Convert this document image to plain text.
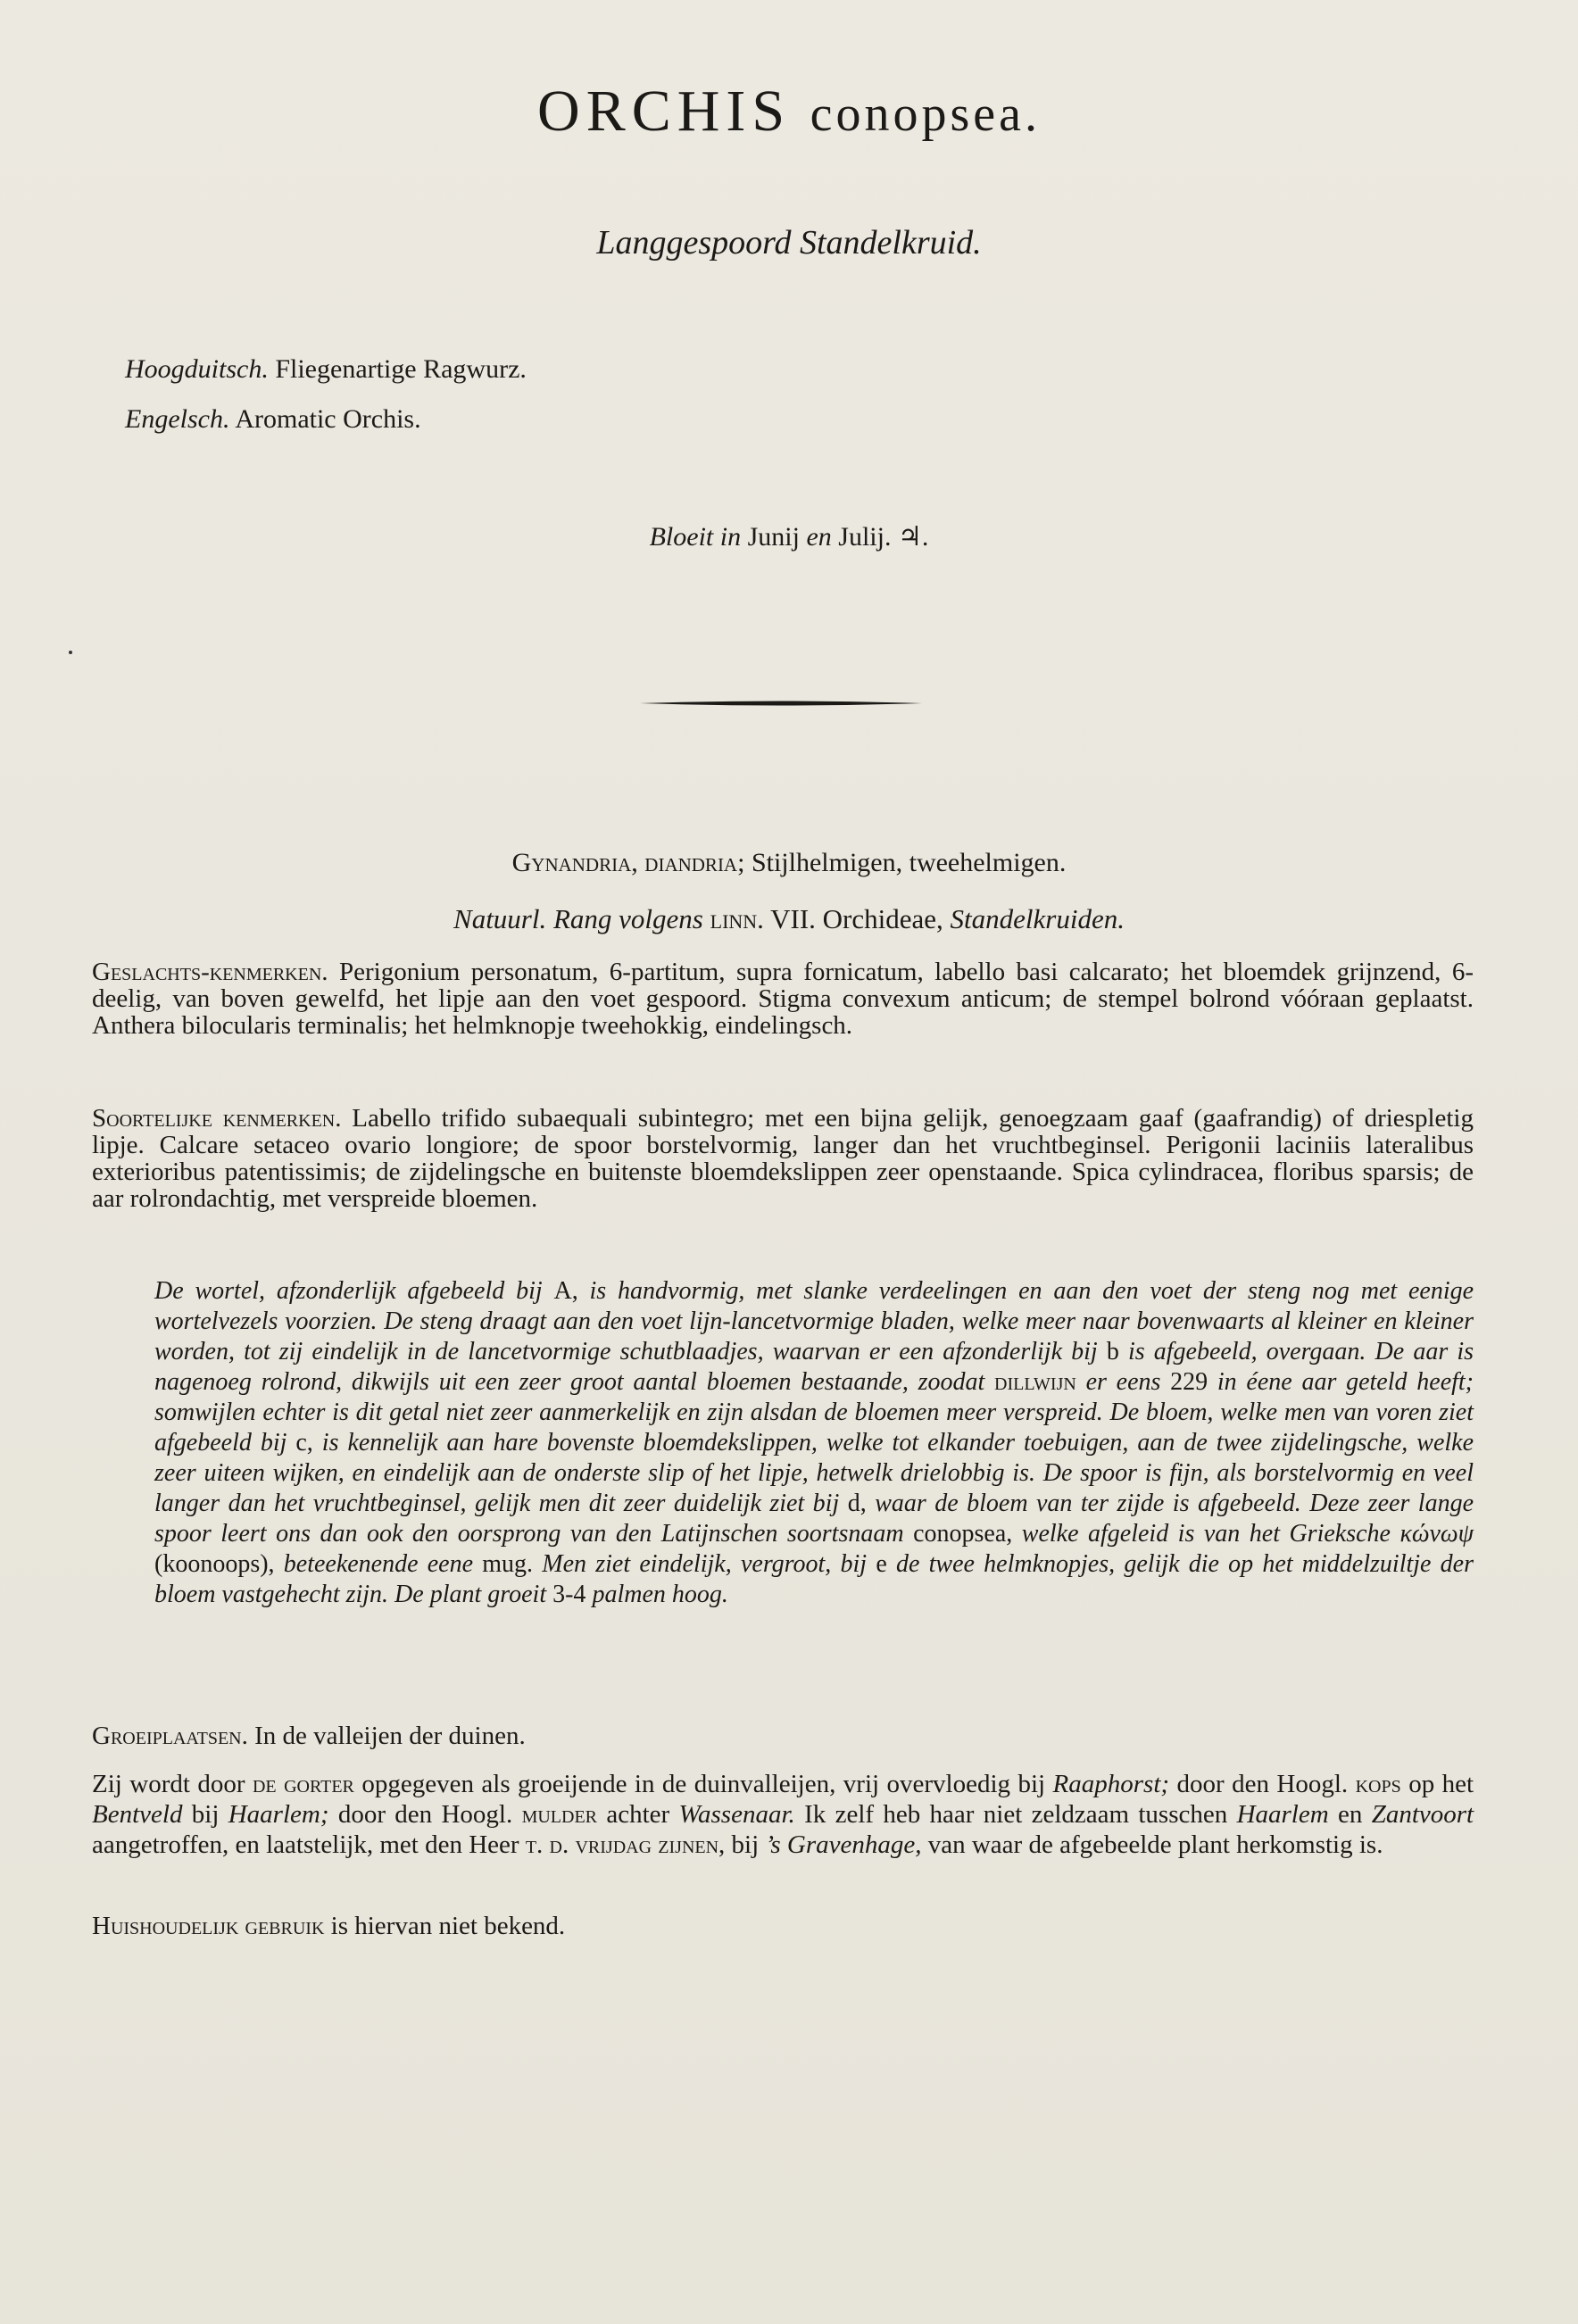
ORCHIS conopsea.
Langgespoord Standelkruid.
Hoogduitsch. Fliegenartige Ragwurz.
Engelsch. Aromatic Orchis.
Bloeit in Junij en Julij. ♃.
Gynandria, diandria; Stijlhelmigen, tweehelmigen.
Natuurl. Rang volgens linn. VII. Orchideae, Standelkruiden.

Geslachts-kenmerken. Perigonium personatum, 6-partitum, supra fornicatum, labello basi calcarato; het bloemdek grijnzend, 6-deelig, van boven gewelfd, het lipje aan den voet gespoord. Stigma convexum anticum; de stempel bolrond vóóraan geplaatst. Anthera bilocularis terminalis; het helmknopje tweehokkig, eindelingsch.

Soortelijke kenmerken. Labello trifido subaequali subintegro; met een bijna gelijk, genoegzaam gaaf (gaafrandig) of driespletig lipje. Calcare setaceo ovario longiore; de spoor borstelvormig, langer dan het vruchtbeginsel. Perigonii laciniis lateralibus exterioribus patentissimis; de zijdelingsche en buitenste bloemdekslippen zeer openstaande. Spica cylindracea, floribus sparsis; de aar rolrondachtig, met verspreide bloemen.

De wortel, afzonderlijk afgebeeld bij A, is handvormig, met slanke verdeelingen en aan den voet der steng nog met eenige wortelvezels voorzien. De steng draagt aan den voet lijn-lancetvormige bladen, welke meer naar bovenwaarts al kleiner en kleiner worden, tot zij eindelijk in de lancetvormige schutblaadjes, waarvan er een afzonderlijk bij b is afgebeeld, overgaan. De aar is nagenoeg rolrond, dikwijls uit een zeer groot aantal bloemen bestaande, zoodat dillwijn er eens 229 in éene aar geteld heeft; somwijlen echter is dit getal niet zeer aanmerkelijk en zijn alsdan de bloemen meer verspreid. De bloem, welke men van voren ziet afgebeeld bij c, is kennelijk aan hare bovenste bloemdekslippen, welke tot elkander toebuigen, aan de twee zijdelingsche, welke zeer uiteen wijken, en eindelijk aan de onderste slip of het lipje, hetwelk drielobbig is. De spoor is fijn, als borstelvormig en veel langer dan het vruchtbeginsel, gelijk men dit zeer duidelijk ziet bij d, waar de bloem van ter zijde is afgebeeld. Deze zeer lange spoor leert ons dan ook den oorsprong van den Latijnschen soortsnaam conopsea, welke afgeleid is van het Grieksche κώνωψ (koonoops), beteekenende eene mug. Men ziet eindelijk, vergroot, bij e de twee helmknopjes, gelijk die op het middelzuiltje der bloem vastgehecht zijn. De plant groeit 3-4 palmen hoog.

Groeiplaatsen. In de valleijen der duinen.

Zij wordt door de gorter opgegeven als groeijende in de duinvalleijen, vrij overvloedig bij Raaphorst; door den Hoogl. kops op het Bentveld bij Haarlem; door den Hoogl. mulder achter Wassenaar. Ik zelf heb haar niet zeldzaam tusschen Haarlem en Zantvoort aangetroffen, en laatstelijk, met den Heer t. d. vrijdag zijnen, bij ’s Gravenhage, van waar de afgebeelde plant herkomstig is.

Huishoudelijk gebruik is hiervan niet bekend.
